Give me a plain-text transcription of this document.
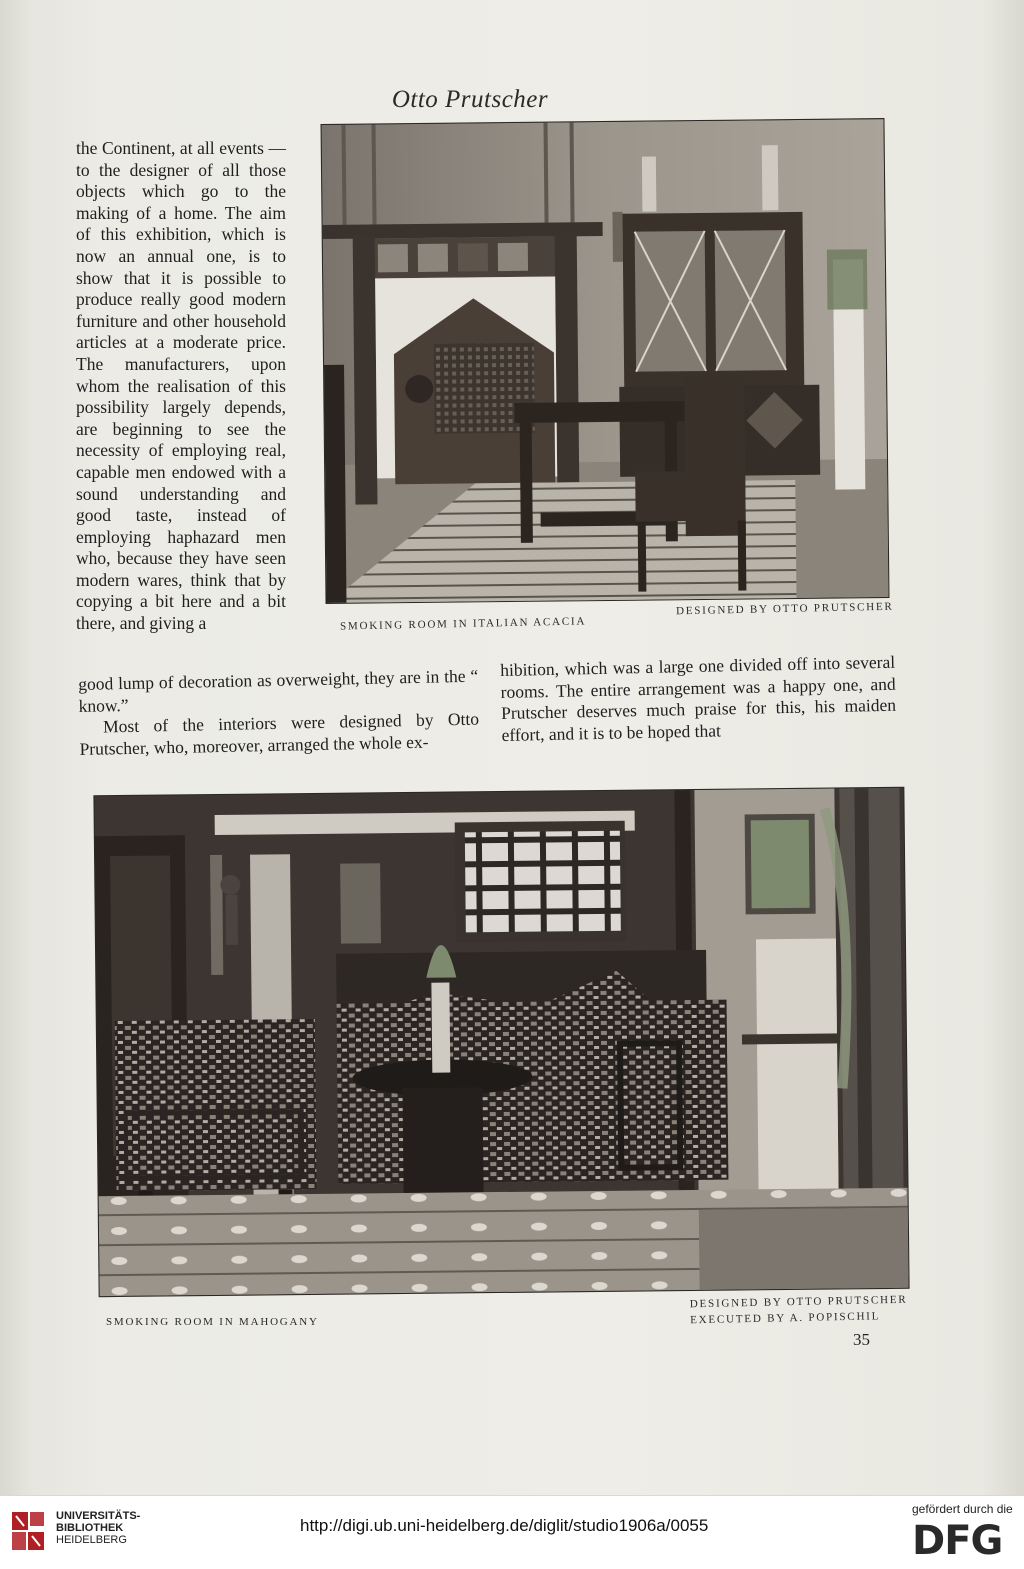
Otto Prutscher

the Continent, at all events —to the designer of all those objects which go to the making of a home. The aim of this exhibition, which is now an annual one, is to show that it is possible to produce really good modern furniture and other household articles at a moderate price. The manufacturers, upon whom the realisation of this possibility largely depends, are beginning to see the necessity of employing real, capable men endowed with a sound understanding and good taste, instead of employing haphazard men who, because they have seen modern wares, think that by copying a bit here and a bit there, and giving a	SMOKING ROOM IN ITALIAN ACACIA
DESIGNED BY OTTO PRUTSCHER

good lump of decoration as overweight, they are in the “ know.”

Most of the interiors were designed by Otto Prutscher, who, moreover, arranged the whole ex-

hibition, which was a large one divided off into several rooms. The entire arrangement was a happy one, and Prutscher deserves much praise for this, his maiden effort, and it is to be hoped that

SMOKING ROOM IN MAHOGANY
DESIGNED BY OTTO PRUTSCHER
EXECUTED BY A. POPISCHIL
35
UNIVERSITÄTS-
BIBLIOTHEK
HEIDELBERG
http://digi.ub.uni-heidelberg.de/diglit/studio1906a/0055
gefördert durch die
DFG
